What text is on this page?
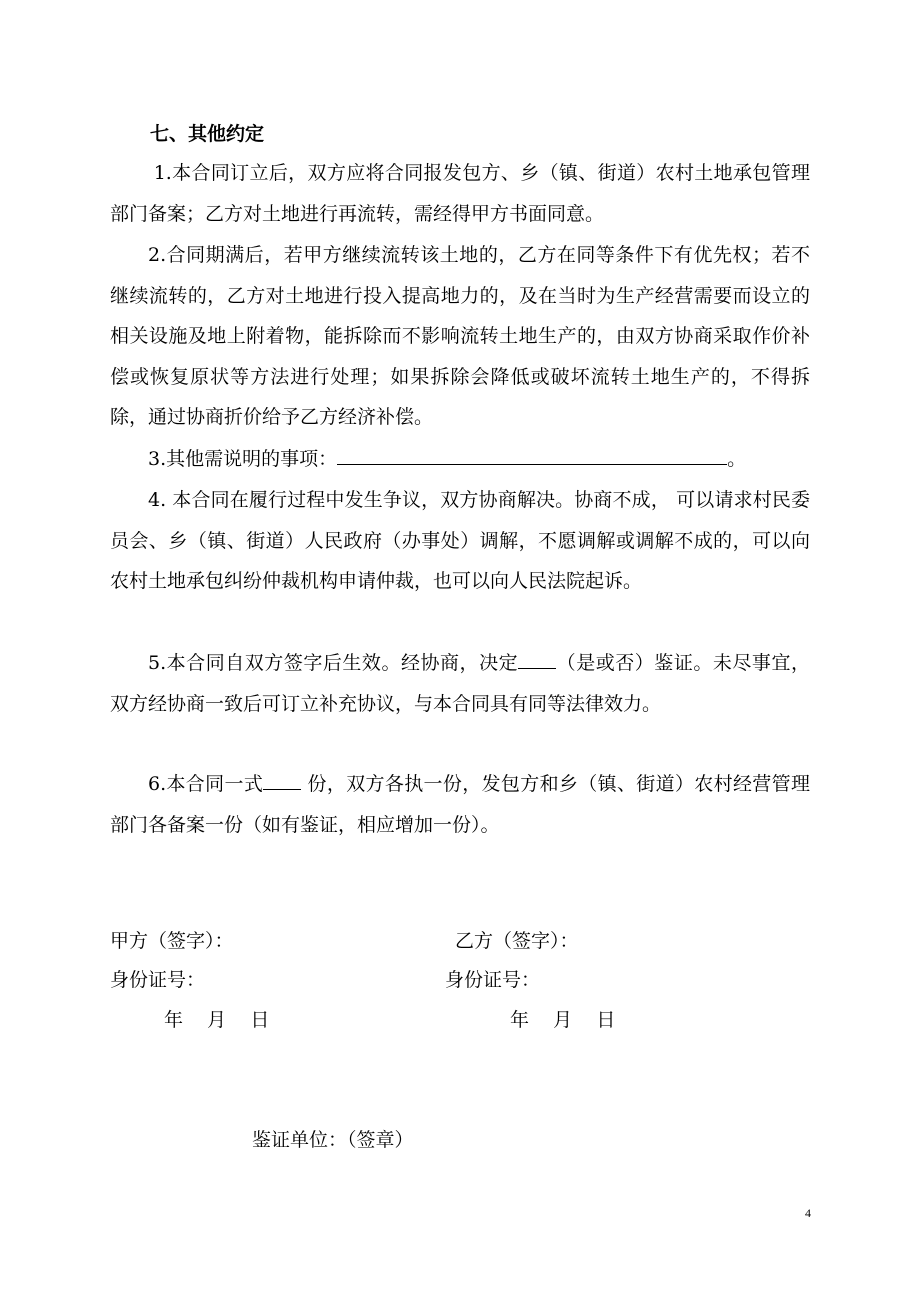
七、其他约定
1.本合同订立后，双方应将合同报发包方、乡（镇、街道）农村土地承包管理部门备案；乙方对土地进行再流转，需经得甲方书面同意。
2.合同期满后，若甲方继续流转该土地的，乙方在同等条件下有优先权；若不继续流转的，乙方对土地进行投入提高地力的，及在当时为生产经营需要而设立的相关设施及地上附着物，能拆除而不影响流转土地生产的，由双方协商采取作价补偿或恢复原状等方法进行处理；如果拆除会降低或破坏流转土地生产的，不得拆除，通过协商折价给予乙方经济补偿。
3.其他需说明的事项：	。
4. 本合同在履行过程中发生争议，双方协商解决。协商不成， 可以请求村民委员会、乡（镇、街道）人民政府（办事处）调解，不愿调解或调解不成的，可以向农村土地承包纠纷仲裁机构申请仲裁，也可以向人民法院起诉。
5.本合同自双方签字后生效。经协商，决定 （是或否）鉴证。未尽事宜，双方经协商一致后可订立补充协议，与本合同具有同等法律效力。
6.本合同一式 份，双方各执一份，发包方和乡（镇、街道）农村经营管理部门各备案一份（如有鉴证，相应增加一份）。
甲方（签字）：	乙方（签字）：
身份证号：	身份证号：
年    月    日	年    月    日
鉴证单位：（签章）
4
